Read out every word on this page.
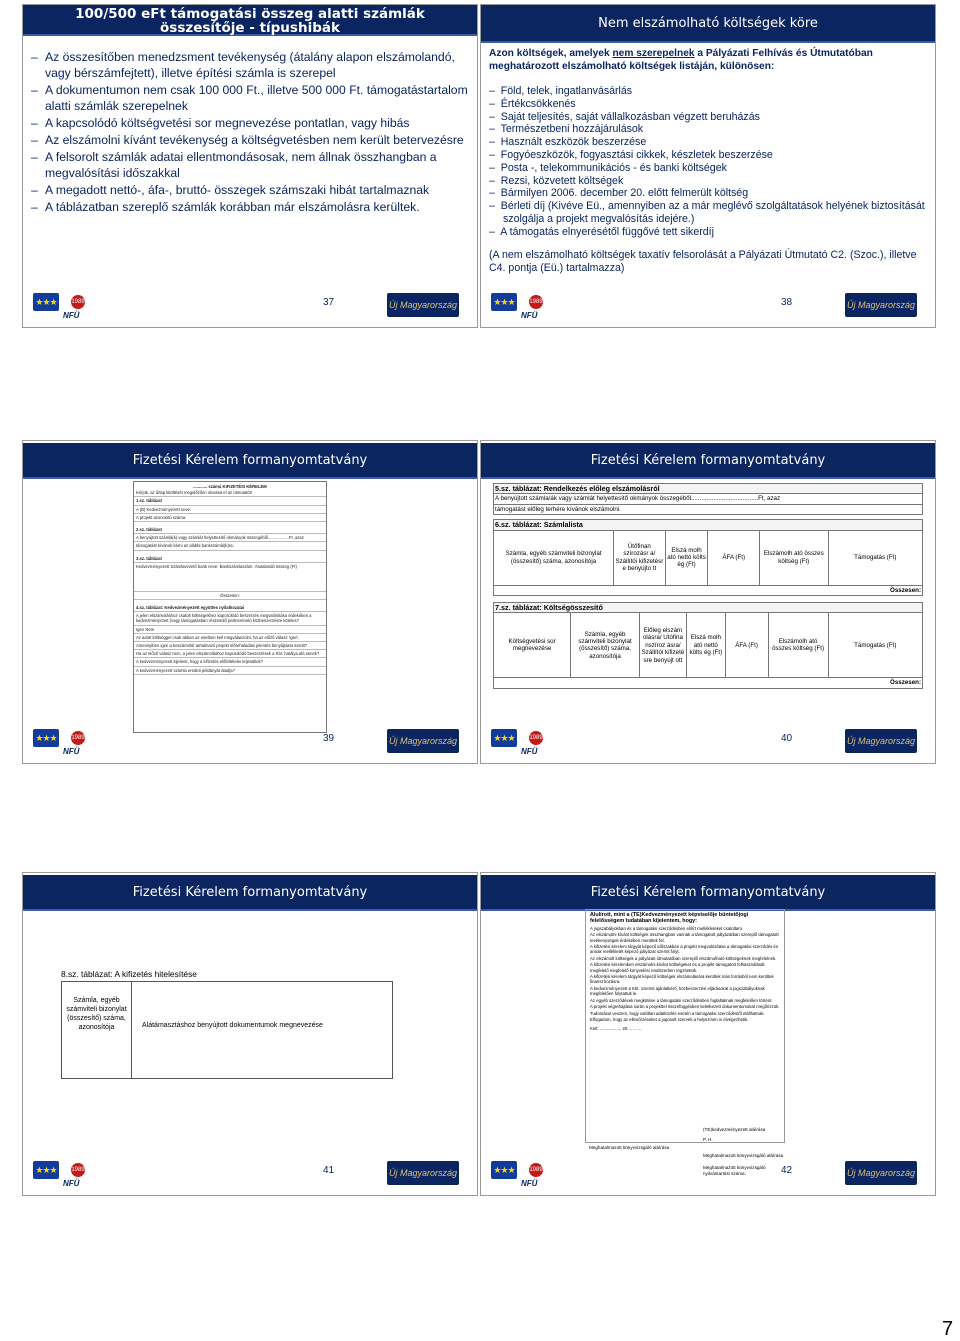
100/500 eFt támogatási összeg alatti számlák
összesítője - típushibák
– Az összesítőben menedzsment tevékenység (átalány alapon elszámolandó, vagy bérszámfejtett), illetve építési számla is szerepel
– A dokumentumon nem csak 100 000 Ft., illetve 500 000 Ft. támogatástartalom alatti számlák szerepelnek
– A kapcsolódó költségvetési sor megnevezése pontatlan, vagy hibás
– Az elszámolni kívánt tevékenység a költségvetésben nem került betervezésre
– A felsorolt számlák adatai ellentmondásosak, nem állnak összhangban a megvalósítási időszakkal
– A megadott nettó-, áfa-, bruttó- összegek számszaki hibát tartalmaznak
– A táblázatban szereplő számlák korábban már elszámolásra kerültek.
★★★	1989
NFÜ
37	Új Magyarország
Nem elszámolható költségek köre
Azon költségek, amelyek nem szerepelnek a Pályázati Felhívás és Útmutatóban meghatározott elszámolható költségek listáján, különösen:
–  Föld, telek, ingatlanvásárlás
–  Értékcsökkenés
–  Saját teljesítés, saját vállalkozásban végzett beruházás
–  Természetbeni hozzájárulások
–  Használt eszközök beszerzése
–  Fogyóeszközök, fogyasztási cikkek, készletek beszerzése
–  Posta -, telekommunikációs - és banki költségek
–  Rezsi, közvetett költségek
–  Bármilyen 2006. december 20. előtt felmerült költség
–  Bérleti díj (Kivéve Eü., amennyiben az a már meglévő szolgáltatások helyének biztosítását szolgálja a projekt megvalósítás idejére.)
–  A támogatás elnyerésétől függővé tett sikerdíj
(A nem elszámolható költségek taxatív felsorolását a Pályázati Útmutató C2. (Szoc.), illetve C4. pontja (Eü.) tartalmazza)
★★★	1989
NFÜ
38	Új Magyarország
Fizetési Kérelem formanyomtatvány
............ számú KIFIZETÉSI KÉRELEM
Kérjük, az űrlap kitöltését megelőzően olvassa el az útmutatót!
1.sz. táblázat
A (B) Kedvezményezett neve:
A projekt azonosító száma:
2.sz. táblázat
A benyújtott számlá(k) vagy számlát helyettesítő okmányok összegéből..................Ft, azaz
támogatást kívánok kérni az alábbi bankszámlá(k)ra:
3.sz. táblázat
Kedvezményezett Számlavezető bank neve: Bankszámlaszám: Átutalandó összeg (Ft)
Összesen:
4.sz. táblázat: Kedvezményezett együttes nyilatkozatai
A jelen elszámoláshoz csatolt költségekhez kapcsolódó beszerzés megvalósítása érdekében a kedvezményezett (vagy támogatásban részesülő partnerének) közbeszerzésre köteles?
Igen Nem
Az adott költséggel csak abban az esetben kell megválaszolni, ha az előző válasz 'igen'.
Amennyiben igen a beszámolót tartalmazó projekt előrehaladási jelentés benyújtásra került?
Ha az előző válasz nem, a jelen elszámoláshoz kapcsolódó beszerzések a Kbt. hatálya alá esnek?
A kedvezményezett kijelenti, hogy a kifizetés előfeltételei teljesültek?
A kedvezményezett számla eredeti példányát átadja?
★★★	1989
NFÜ
39	Új Magyarország
Fizetési Kérelem formanyomtatvány
5.sz. táblázat: Rendelkezés előleg elszámolásról
A benyújtott számla/ák vagy számlát helyettesítő okmányok összegéből.......................................Ft, azaz
támogatást előleg terhére kívánok elszámolni.
6.sz. táblázat: Számlalista
Számla, egyéb számviteli bizonylat (összesítő) száma, azonosítója	Ütőfinan szírozásr a/ Szállítói kifizetésr e benyújto tt	Elszá molh ató nettó költs ég (Ft)	ÁFA (Ft)	Elszámolh ató összes költség (Ft)	Támogatás (Ft)
Összesen:
7.sz. táblázat: Költségösszesítő
Költségvetési sor megnevezése	Számla, egyéb számviteli bizonylat (összesítő) száma, azonosítója	Előleg elszám olásra/ Utófina nszíroz ásra/ Szállítói kifizeté sre benyújt ott	Elszá molh ató nettó költs ég (Ft)	ÁFA (Ft)	Elszámolh ató összes költség (Ft)	Támogatás (Ft)
Összesen:
★★★	1989
NFÜ
40	Új Magyarország
Fizetési Kérelem formanyomtatvány
8.sz. táblázat: A kifizetés hitelesítése
Számla, egyéb számviteli bizonylat (összesítő) száma, azonosítója	Alátámasztáshoz benyújtott dokumentumok megnevezése
★★★	1989
NFÜ
41	Új Magyarország
Fizetési Kérelem formanyomtatvány
Alulírott, mint a (TE)Kedvezményezett képviselője büntetőjogi felelősségem tudatában kijelentem, hogy:
A jogszabályokban és a támogatási szerződésben előírt mellékleteket csatoltam.
Az elszámolni kívánt költségek összhangban vannak a támogatott pályázatban szereplő támogatott tevékenységek érdekében merültek fel.
A kifizetési kérelem tárgyát képező időszakban a projekt megvalósítása a támogatási szerződés és annak mellékletét képező pályázat szerint folyt.
Az elszámolt költségek a pályázati útmutatóban szereplő elszámolható költségeknek megfelelnek.
A kifizetési kérelemben elszámolni kívánt költségeket és a projekt támogatott felhasználását megfelelő megfelelő könyvelési rendszerben rögzítettük.
A kifizetési kérelem tárgyát képező költségek elszámolására kerültek más forrásból nem kerültek finanszírozásra.
A kedvezményezett a Kbt. szerinti ajánlatkérő, közbeszerzési eljárásokat a jogszabályoknak megfelelően folytattuk le.
Az egyéb szerződések megkötése a támogatási szerződésben foglaltaknak megfelelően történt.
A projekt végrehajtása során a projekttel összefüggésben keletkezett dokumentumokat megőrizzük.
Tudomásul veszem, hogy valótlan adatközlés esetén a támogatási szerződéstől elállhatnak.
Elfogadom, hogy az ellenőrzéseket a jogosult szervek a helyszínen is elvégezhetik.
Kelt: ................., 20.... ... ...
(TE)kedvezményezett aláírása
P. H.
Meghatalmazott könyvvizsgáló aláírása
Meghatalmazott könyvvizsgáló aláírása
Meghatalmazott könyvvizsgáló nyilvántartási száma:
★★★	1989
NFÜ
42	Új Magyarország
7
